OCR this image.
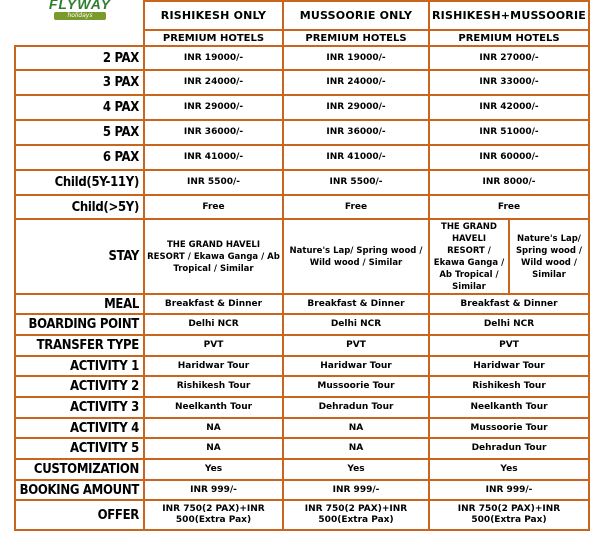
	RISHIKESH ONLY	MUSSOORIE ONLY	RISHIKESH+MUSSOORIE	
	PREMIUM HOTELS	PREMIUM HOTELS	PREMIUM HOTELS	
2 PAX	INR 19000/-	INR 19000/-	INR 27000/-	
3 PAX	INR 24000/-	INR 24000/-	INR 33000/-	
4 PAX	INR 29000/-	INR 29000/-	INR 42000/-	
5 PAX	INR 36000/-	INR 36000/-	INR 51000/-	
6 PAX	INR 41000/-	INR 41000/-	INR 60000/-	
Child(5Y-11Y)	INR 5500/-	INR 5500/-	INR 8000/-	
Child(>5Y)	Free	Free	Free	
STAY	THE GRAND HAVELI RESORT / Ekawa Ganga / Ab Tropical / Similar	Nature's Lap/ Spring wood / Wild wood / Similar	THE GRAND HAVELI RESORT / Ekawa Ganga / Ab Tropical / Similar	Nature's Lap/ Spring wood / Wild wood / Similar
MEAL	Breakfast & Dinner	Breakfast & Dinner	Breakfast & Dinner	
BOARDING POINT	Delhi NCR	Delhi NCR	Delhi NCR	
TRANSFER TYPE	PVT	PVT	PVT	
ACTIVITY 1	Haridwar Tour	Haridwar Tour	Haridwar Tour	
ACTIVITY 2	Rishikesh Tour	Mussoorie Tour	Rishikesh Tour	
ACTIVITY 3	Neelkanth Tour	Dehradun Tour	Neelkanth Tour	
ACTIVITY 4	NA	NA	Mussoorie Tour	
ACTIVITY 5	NA	NA	Dehradun Tour	
CUSTOMIZATION	Yes	Yes	Yes	
BOOKING AMOUNT	INR 999/-	INR 999/-	INR 999/-	
OFFER	INR 750(2 PAX)+INR 500(Extra Pax)	INR 750(2 PAX)+INR 500(Extra Pax)	INR 750(2 PAX)+INR 500(Extra Pax)	
FLYWAY
holidays
